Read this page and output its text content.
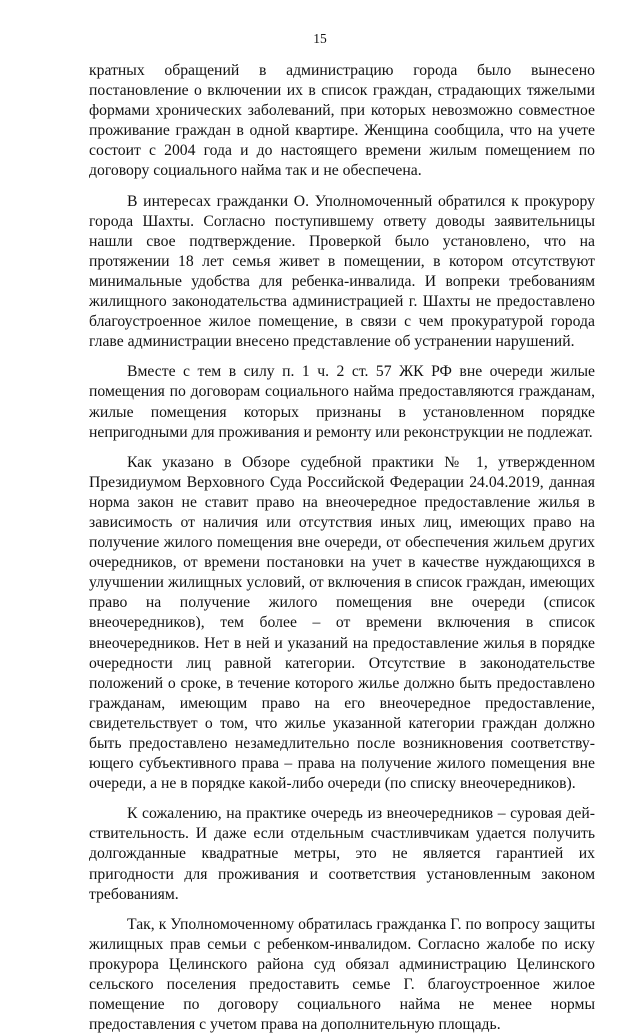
15

кратных обращений в администрацию города было вынесено постановление о включении их в список граждан, страдающих тяжелыми формами хронических заболеваний, при которых невозможно совместное проживание граждан в одной квартире. Женщина сообщила, что на учете состоит с 2004 года и до настоящего времени жилым помещением по договору социального найма так и не обеспечена.

В интересах гражданки О. Уполномоченный обратился к прокурору города Шахты. Согласно поступившему ответу доводы заявительницы нашли свое подтверждение. Проверкой было установлено, что на протяжении 18 лет семья живет в помещении, в котором отсутствуют минимальные удобства для ребенка-инвалида. И вопреки требованиям жилищного законодательства администрацией г. Шахты не предоставлено благоустроенное жилое помещение, в связи с чем прокуратурой города главе администрации внесено представление об устранении нарушений.

Вместе с тем в силу п. 1 ч. 2 ст. 57 ЖК РФ вне очереди жилые помещения по договорам социального найма предоставляются гражданам, жилые помещения которых признаны в установленном порядке непригодными для проживания и ремонту или реконструкции не подлежат.

Как указано в Обзоре судебной практики № 1, утвержденном Президиумом Верховного Суда Российской Федерации 24.04.2019, данная норма закон не ставит право на внеочередное предоставление жилья в зависимость от наличия или отсутствия иных лиц, имеющих право на получение жилого помещения вне очереди, от обеспечения жильем других очередников, от времени постановки на учет в качестве нуждающихся в улучшении жилищных условий, от включения в список граждан, имеющих право на получение жилого помещения вне очереди (список внеочередников), тем более – от времени включения в список внеочередников. Нет в ней и указаний на предоставление жилья в порядке очередности лиц равной категории. Отсутствие в законодательстве положений о сроке, в течение которого жилье должно быть предоставлено гражданам, имеющим право на его внеочередное предоставление, свидетельствует о том, что жилье указанной категории граждан должно быть предоставлено незамедлительно после возникновения соответствующего субъективного права – права на получение жилого помещения вне очереди, а не в порядке какой-либо очереди (по списку внеочередников).

К сожалению, на практике очередь из внеочередников – суровая действительность. И даже если отдельным счастливчикам удается получить долгожданные квадратные метры, это не является гарантией их пригодности для проживания и соответствия установленным законом требованиям.

Так, к Уполномоченному обратилась гражданка Г. по вопросу защиты жилищных прав семьи с ребенком-инвалидом. Согласно жалобе по иску прокурора Целинского района суд обязал администрацию Целинского сельского поселения предоставить семье Г. благоустроенное жилое помещение по договору социального найма не менее нормы предоставления с учетом права на дополнительную площадь.
